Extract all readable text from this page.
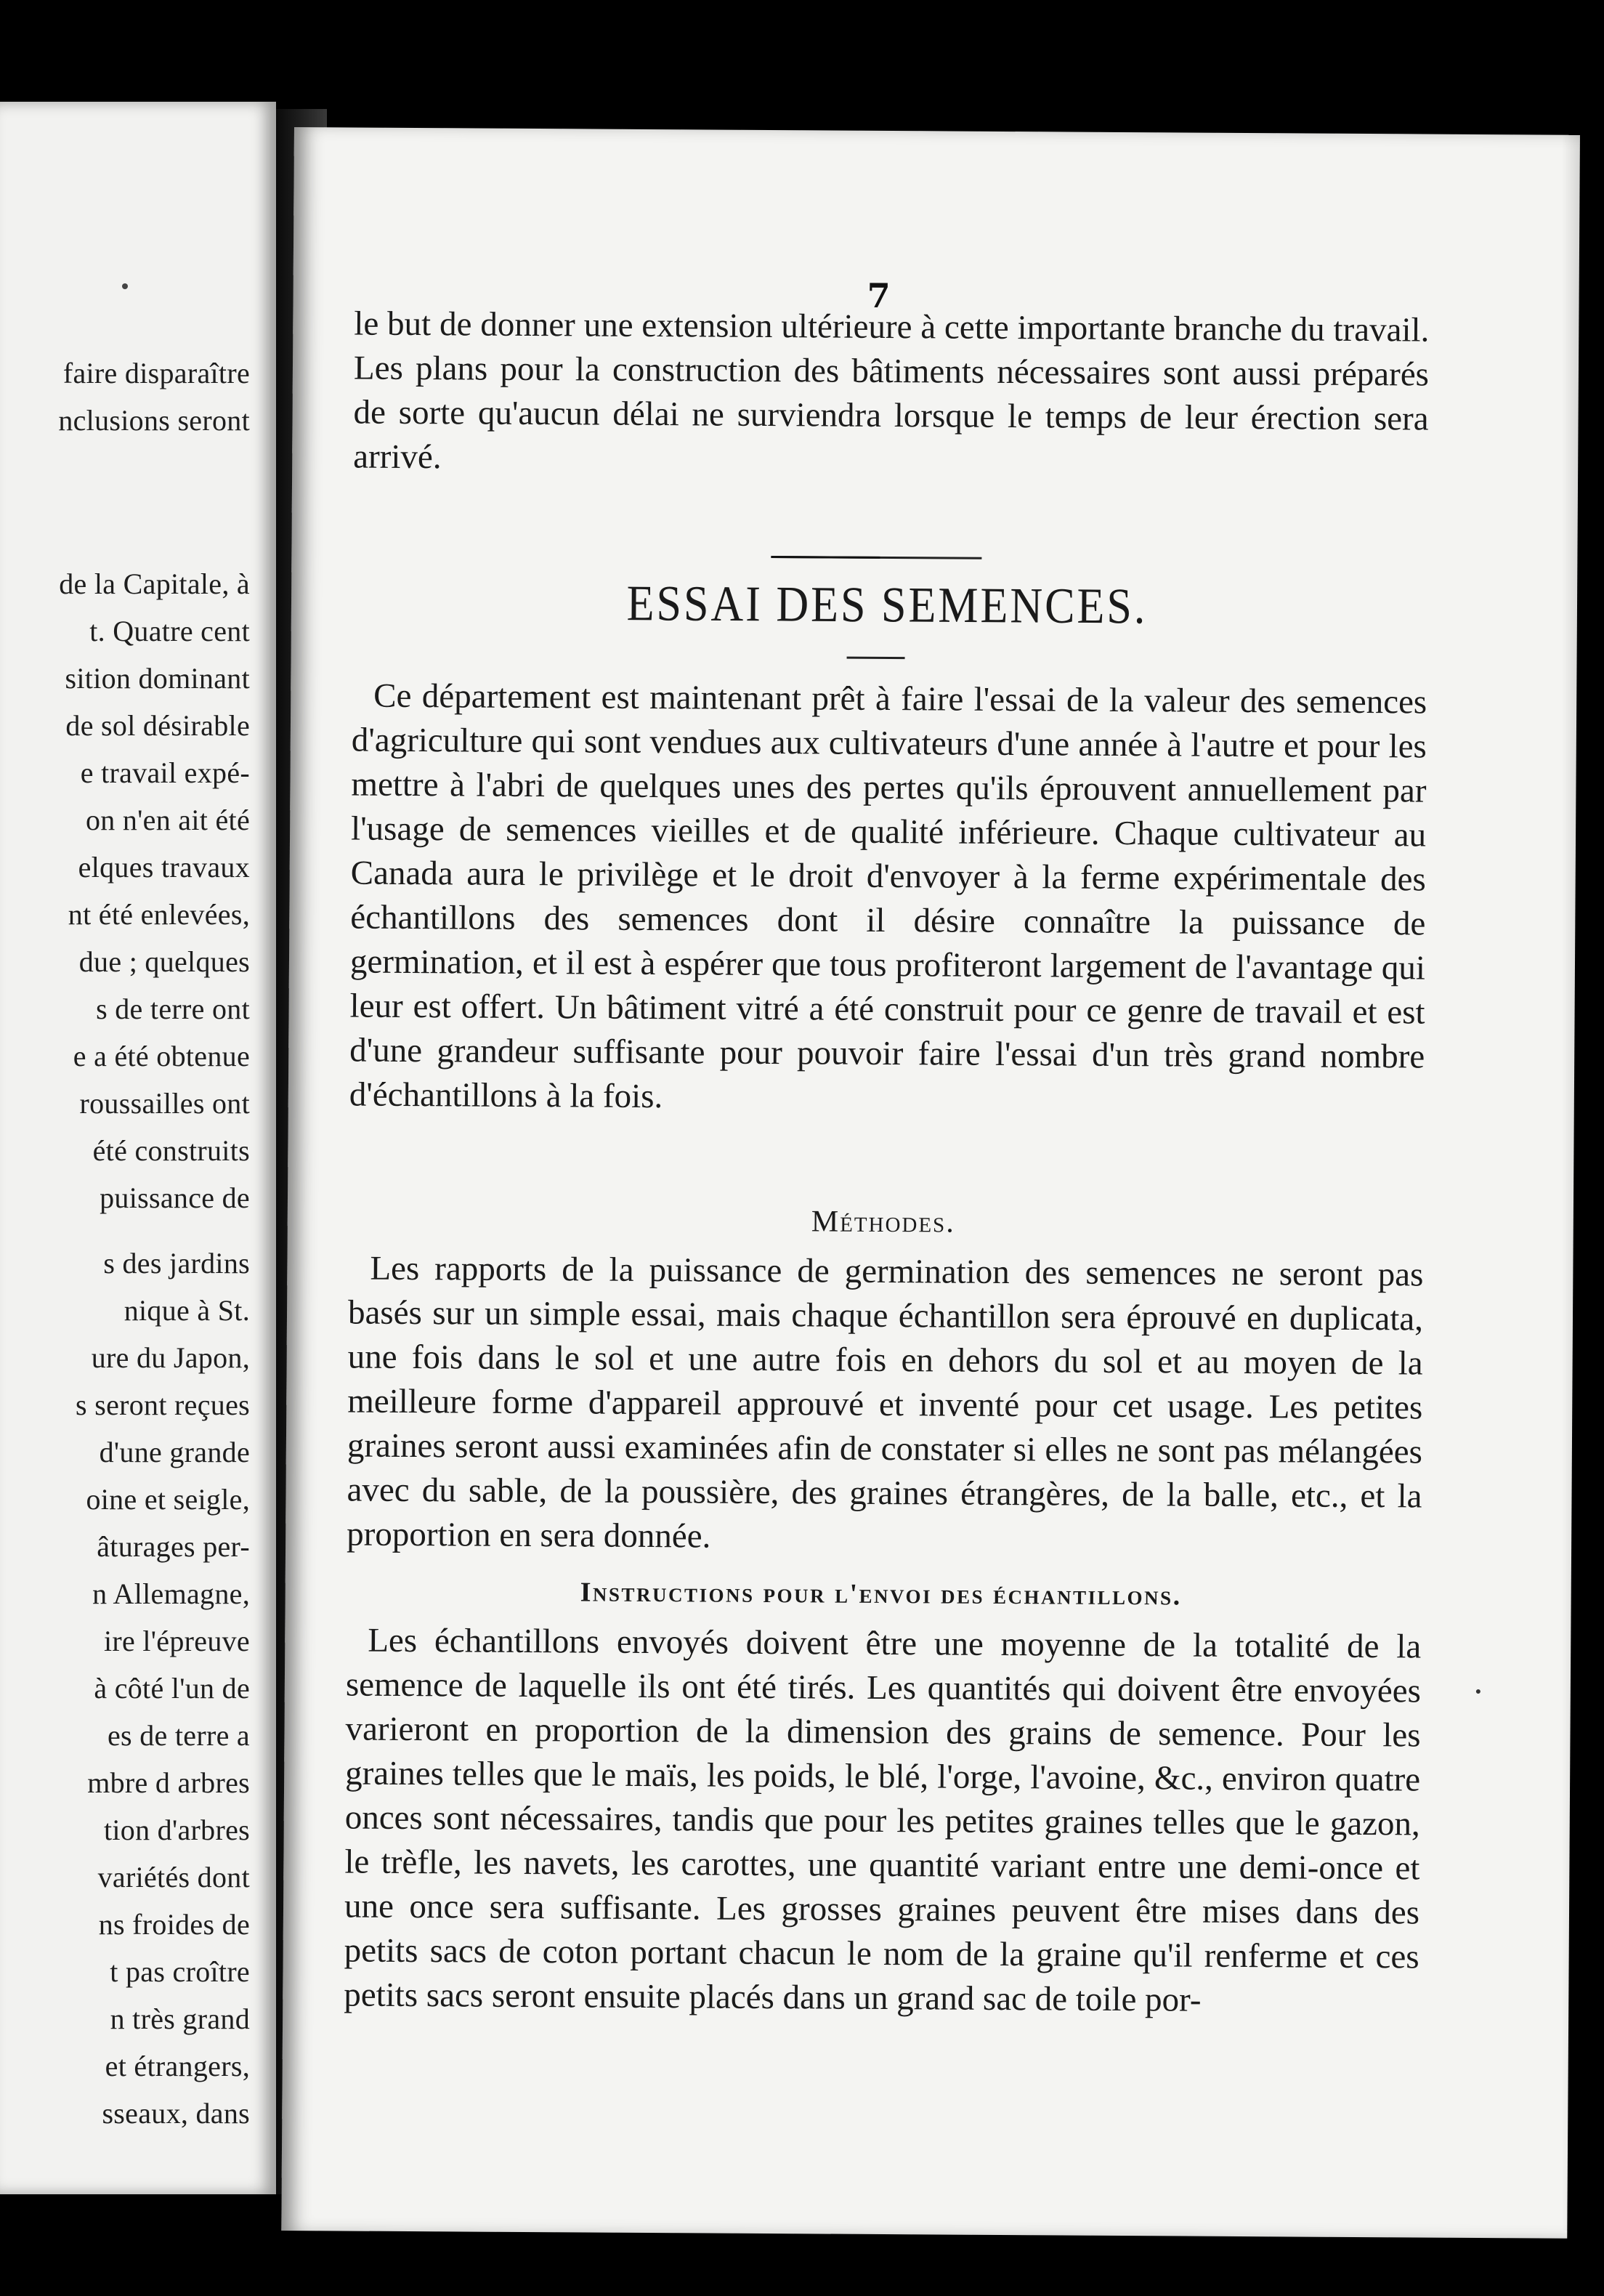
faire disparaître
nclusions seront
de la Capitale, à
t. Quatre cent
sition dominant
de sol désirable
e travail expé-
on n'en ait été
elques travaux
nt été enlevées,
due ; quelques
s de terre ont
e a été obtenue
roussailles ont
été construits
puissance de
s des jardins
nique à St.
ure du Japon,
s seront reçues
d'une grande
oine et seigle,
âturages per-
n Allemagne,
ire l'épreuve
à côté l'un de
es de terre a
mbre d arbres
tion d'arbres
variétés dont
ns froides de
t pas croître
n très grand
et étrangers,
sseaux, dans
7

le but de donner une extension ultérieure à cette importante branche du travail. Les plans pour la construction des bâtiments nécessaires sont aussi préparés de sorte qu'aucun délai ne surviendra lorsque le temps de leur érection sera arrivé.

ESSAI DES SEMENCES.

Ce département est maintenant prêt à faire l'essai de la valeur des semences d'agriculture qui sont vendues aux cultivateurs d'une année à l'autre et pour les mettre à l'abri de quelques unes des pertes qu'ils éprouvent annuellement par l'usage de semences vieilles et de qualité inférieure. Chaque cultivateur au Canada aura le privilège et le droit d'envoyer à la ferme expérimentale des échantillons des semences dont il désire connaître la puissance de germination, et il est à espérer que tous profiteront largement de l'avantage qui leur est offert. Un bâtiment vitré a été construit pour ce genre de travail et est d'une grandeur suffisante pour pouvoir faire l'essai d'un très grand nombre d'échantillons à la fois.

Méthodes.

Les rapports de la puissance de germination des semences ne seront pas basés sur un simple essai, mais chaque échantillon sera éprouvé en duplicata, une fois dans le sol et une autre fois en dehors du sol et au moyen de la meilleure forme d'appareil approuvé et inventé pour cet usage. Les petites graines seront aussi examinées afin de constater si elles ne sont pas mélangées avec du sable, de la poussière, des graines étrangères, de la balle, etc., et la proportion en sera donnée.

Instructions pour l'envoi des échantillons.

Les échantillons envoyés doivent être une moyenne de la totalité de la semence de laquelle ils ont été tirés. Les quantités qui doivent être envoyées varieront en proportion de la dimension des grains de semence. Pour les graines telles que le maïs, les poids, le blé, l'orge, l'avoine, &c., environ quatre onces sont nécessaires, tandis que pour les petites graines telles que le gazon, le trèfle, les navets, les carottes, une quantité variant entre une demi-once et une once sera suffisante. Les grosses graines peuvent être mises dans des petits sacs de coton portant chacun le nom de la graine qu'il renferme et ces petits sacs seront ensuite placés dans un grand sac de toile por-
